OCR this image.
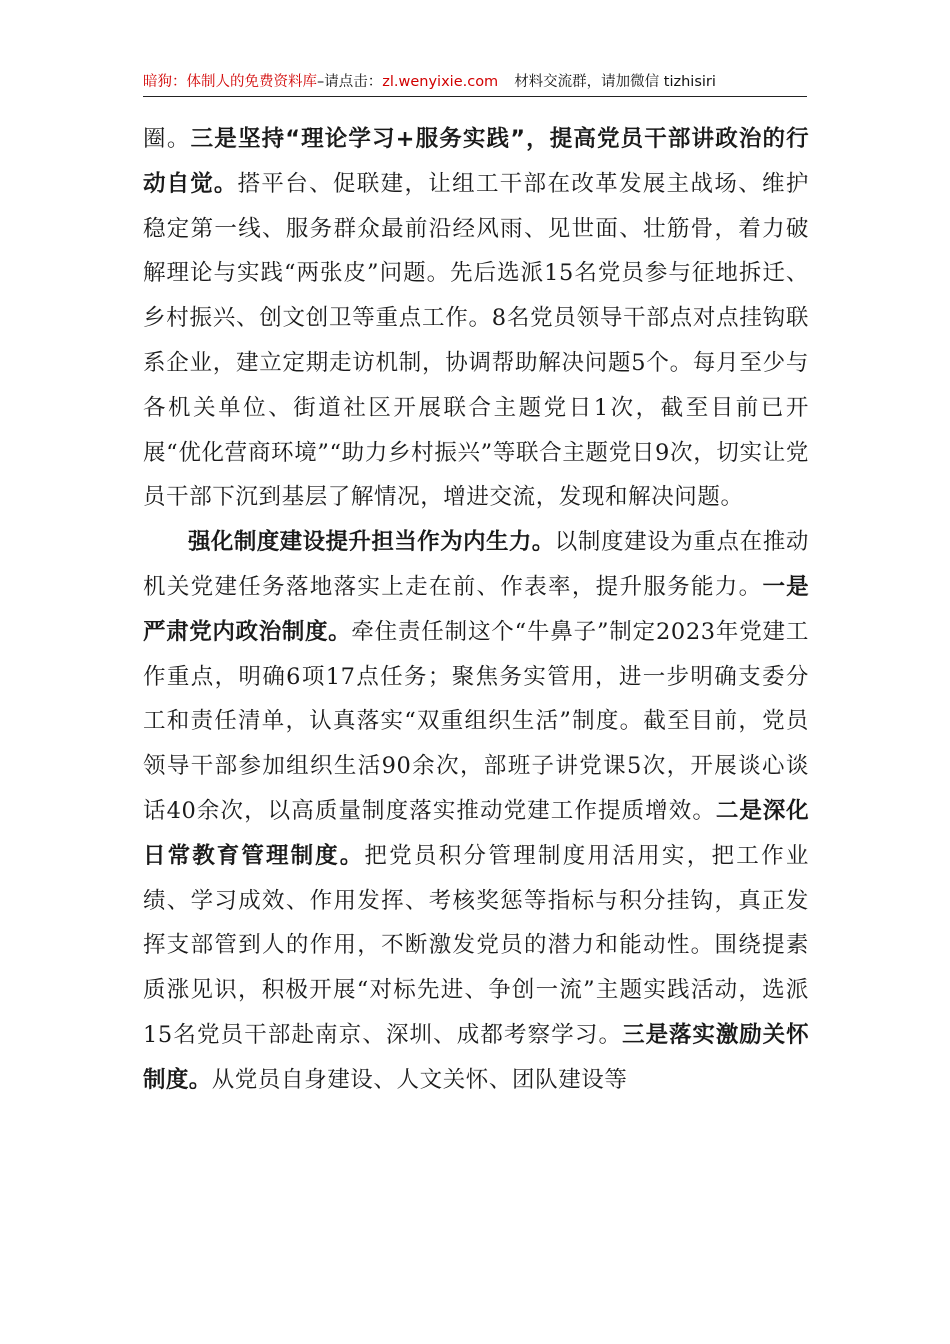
暗狗：体制人的免费资料库–请点击：zl.wenyixie.com 材料交流群，请加微信 tizhisiri

圈。三是坚持“理论学习+服务实践”，提高党员干部讲政治的行动自觉。搭平台、促联建，让组工干部在改革发展主战场、维护稳定第一线、服务群众最前沿经风雨、见世面、壮筋骨，着力破解理论与实践“两张皮”问题。先后选派15名党员参与征地拆迁、乡村振兴、创文创卫等重点工作。8名党员领导干部点对点挂钩联系企业，建立定期走访机制，协调帮助解决问题5个。每月至少与各机关单位、街道社区开展联合主题党日1次，截至目前已开展“优化营商环境”“助力乡村振兴”等联合主题党日9次，切实让党员干部下沉到基层了解情况，增进交流，发现和解决问题。

强化制度建设提升担当作为内生力。以制度建设为重点在推动机关党建任务落地落实上走在前、作表率，提升服务能力。一是严肃党内政治制度。牵住责任制这个“牛鼻子”制定2023年党建工作重点，明确6项17点任务；聚焦务实管用，进一步明确支委分工和责任清单，认真落实“双重组织生活”制度。截至目前，党员领导干部参加组织生活90余次，部班子讲党课5次，开展谈心谈话40余次，以高质量制度落实推动党建工作提质增效。二是深化日常教育管理制度。把党员积分管理制度用活用实，把工作业绩、学习成效、作用发挥、考核奖惩等指标与积分挂钩，真正发挥支部管到人的作用，不断激发党员的潜力和能动性。围绕提素质涨见识，积极开展“对标先进、争创一流”主题实践活动，选派15名党员干部赴南京、深圳、成都考察学习。三是落实激励关怀制度。从党员自身建设、人文关怀、团队建设等
